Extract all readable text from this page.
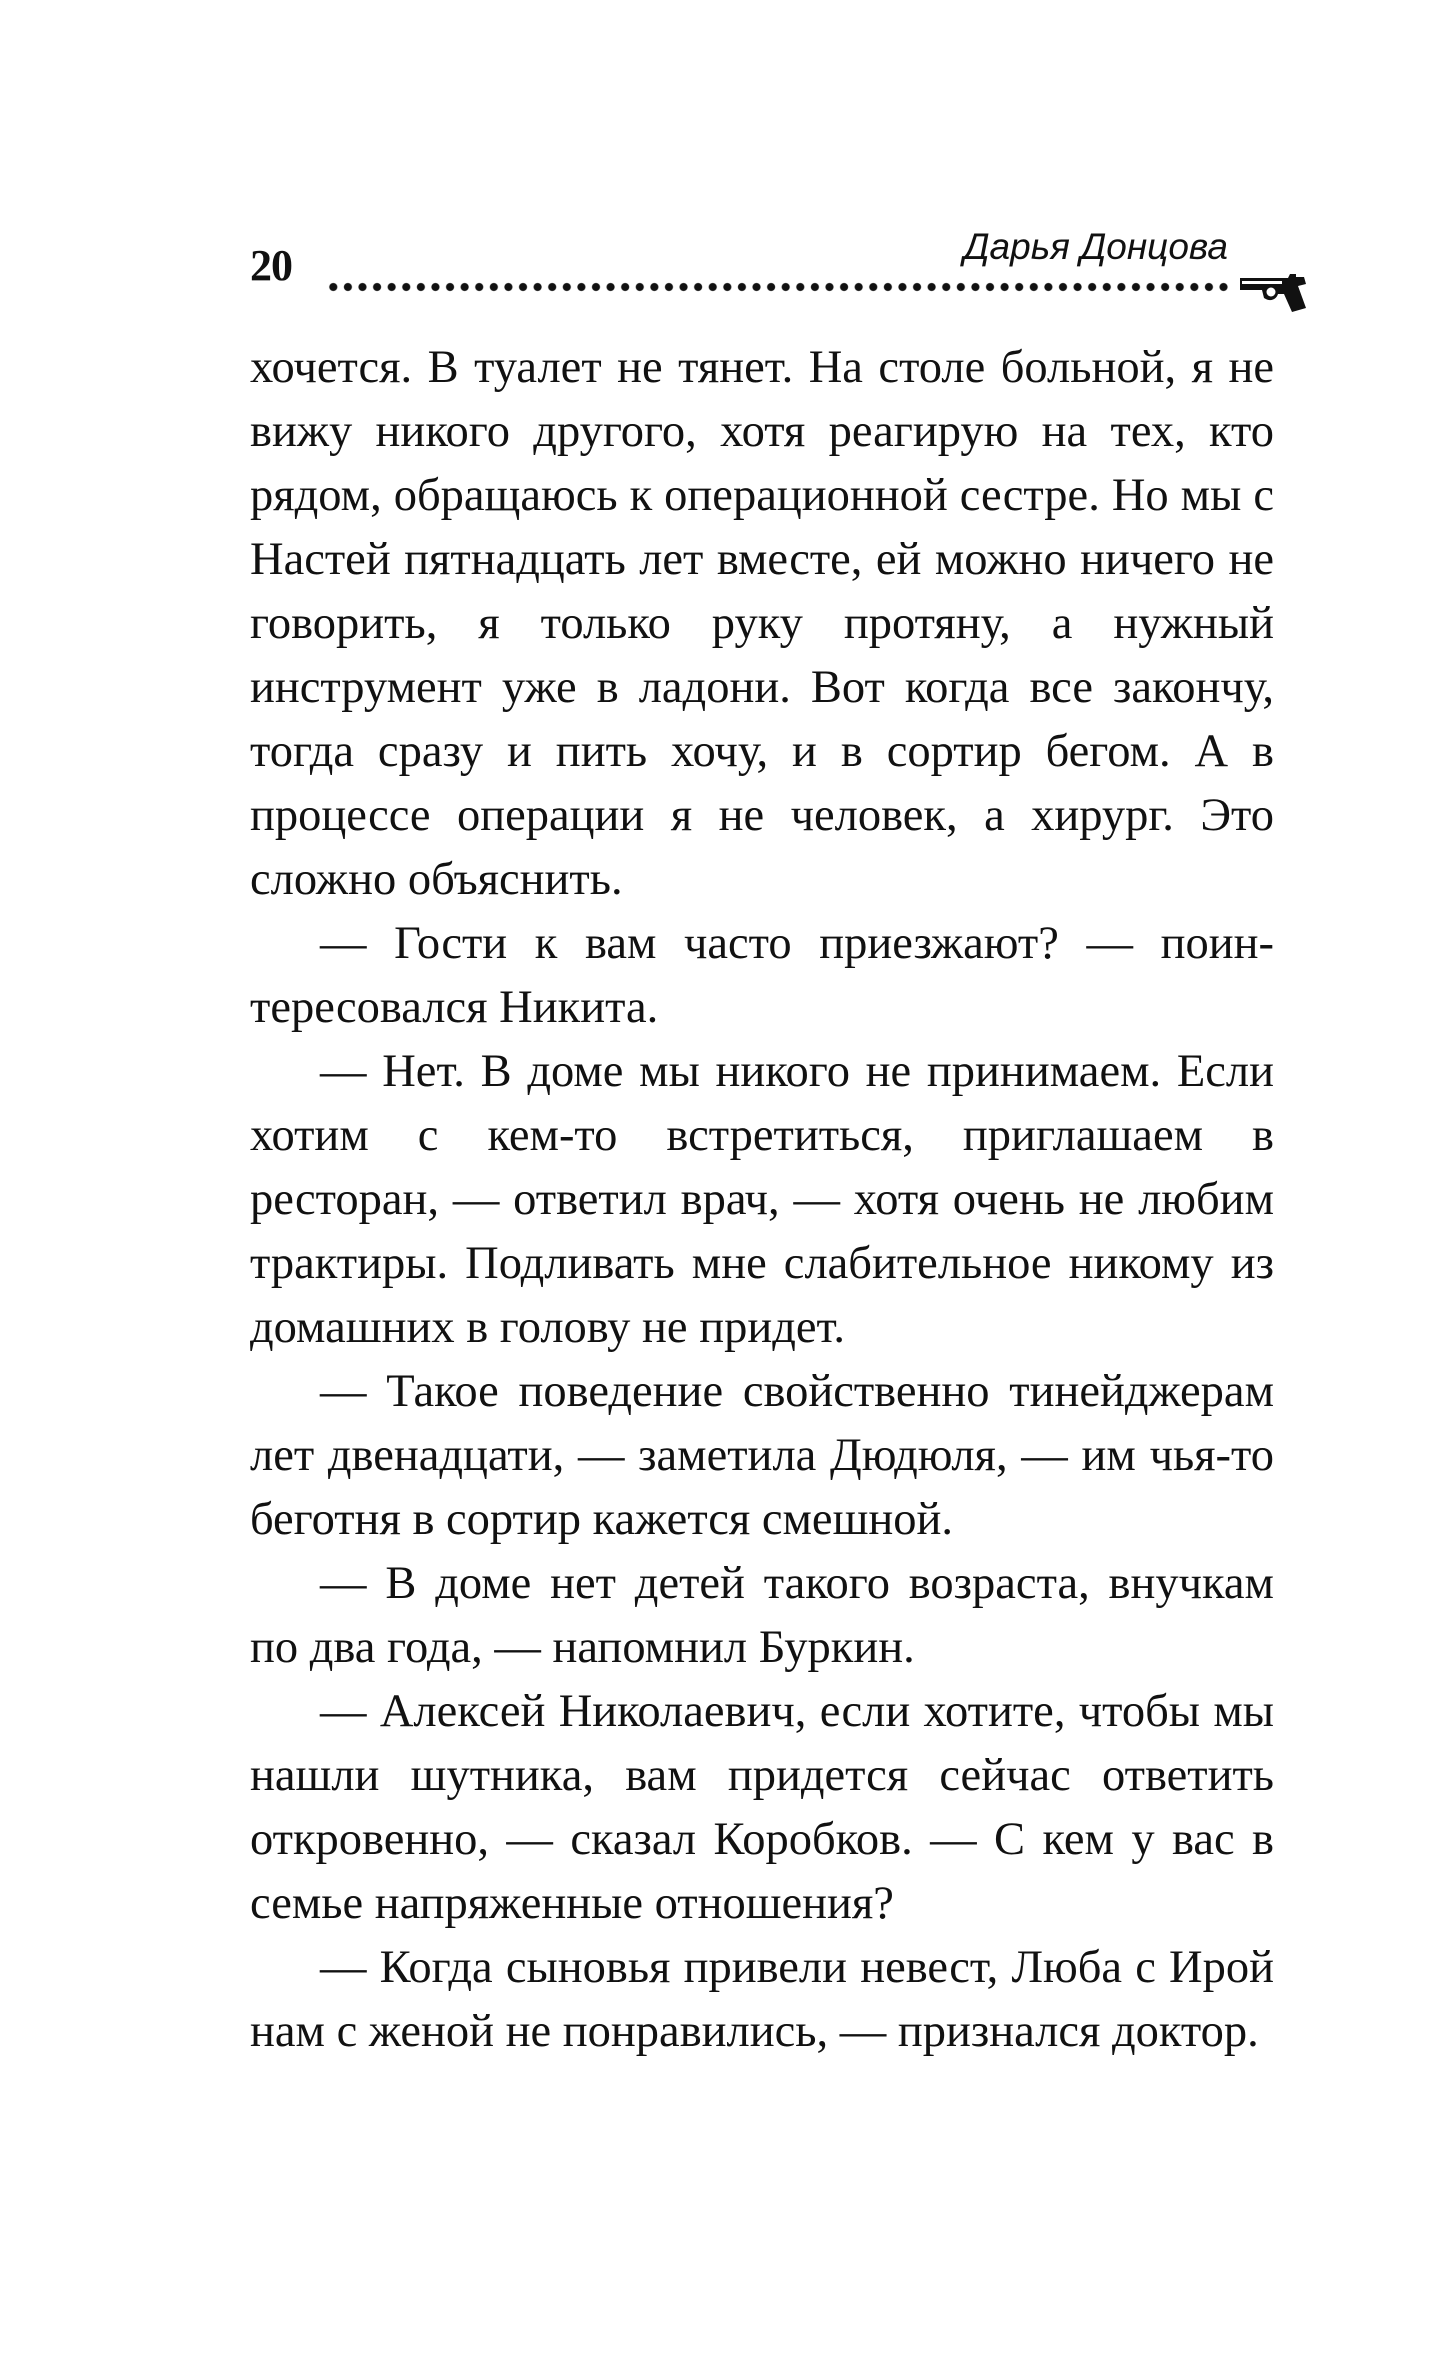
20	Дарья Донцова

хочется. В туалет не тянет. На столе больной, я не вижу никого другого, хотя реагирую на тех, кто рядом, обращаюсь к операционной сестре. Но мы с Настей пятнадцать лет вместе, ей можно ничего не говорить, я только руку протяну, а нужный инструмент уже в ладони. Вот когда все закончу, тогда сразу и пить хочу, и в сортир бегом. А в процессе операции я не человек, а хирург. Это сложно объяснить.

— Гости к вам часто приезжают? — поинтересовался Никита.

— Нет. В доме мы никого не принимаем. Если хотим с кем-то встретиться, приглашаем в ресторан, — ответил врач, — хотя очень не любим трактиры. Подливать мне слабительное никому из домашних в голову не придет.

— Такое поведение свойственно тинейджерам лет двенадцати, — заметила Дюдюля, — им чья-то беготня в сортир кажется смешной.

— В доме нет детей такого возраста, внучкам по два года, — напомнил Буркин.

— Алексей Николаевич, если хотите, чтобы мы нашли шутника, вам придется сейчас ответить откровенно, — сказал Коробков. — С кем у вас в семье напряженные отношения?

— Когда сыновья привели невест, Люба с Ирой нам с женой не понравились, — признался доктор.
